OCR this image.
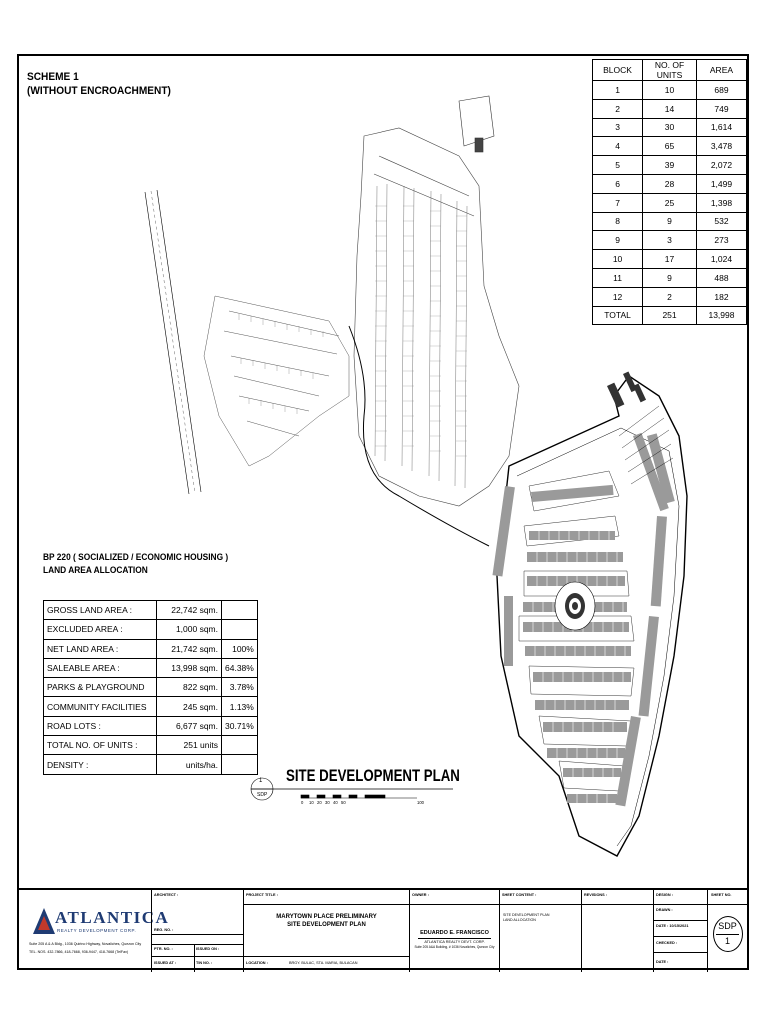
SCHEME 1
(WITHOUT ENCROACHMENT)
1
SDP
0 10 20 30 40 50	100
BLOCK	NO. OF UNITS	AREA
1	10	689
2	14	749
3	30	1,614
4	65	3,478
5	39	2,072
6	28	1,499
7	25	1,398
8	9	532
9	3	273
10	17	1,024
11	9	488
12	2	182
TOTAL	251	13,998
BP 220 ( SOCIALIZED / ECONOMIC HOUSING )
LAND AREA ALLOCATION
GROSS LAND AREA :	22,742 sqm.	
EXCLUDED AREA :	1,000 sqm.	
NET LAND AREA :	21,742 sqm.	100%
SALEABLE AREA :	13,998 sqm.	64.38%
PARKS & PLAYGROUND	822 sqm.	3.78%
COMMUNITY FACILITIES	245 sqm.	1.13%
ROAD LOTS :	6,677 sqm.	30.71%
TOTAL NO. OF UNITS :	251 units	
DENSITY :	units/ha.	
SITE DEVELOPMENT PLAN
ATLANTICA
REALTY DEVELOPMENT CORP.
Suite 205 A & A Bldg., 1036 Quirino Highway, Novaliches, Quezon City
TEL. NOS. 432-7866, 418-7668, 936-9447, 418-7668 (TelFax)
ARCHITECT :
REG. NO. :
PTR. NO. :
ISSUED AT :
ISSUED ON :
TIN NO. :
PROJECT TITLE :
MARYTOWN PLACE PRELIMINARY
SITE DEVELOPMENT PLAN
LOCATION :	BRGY. BULAC, STA. MARIA, BULACAN
OWNER :
EDUARDO E. FRANCISCO
ATLANTICA REALTY DEVT. CORP.
Suite 205 A&A Building, # 1036 Novaliches, Quezon City
SHEET CONTENT :
SITE DEVELOPMENT PLAN
LAND ALLOCATION
REVISIONS :	DESIGN :
DRAWN :
DATE : 10/15/2021
CHECKED :
DATE :
SHEET NO.
SDP
1
